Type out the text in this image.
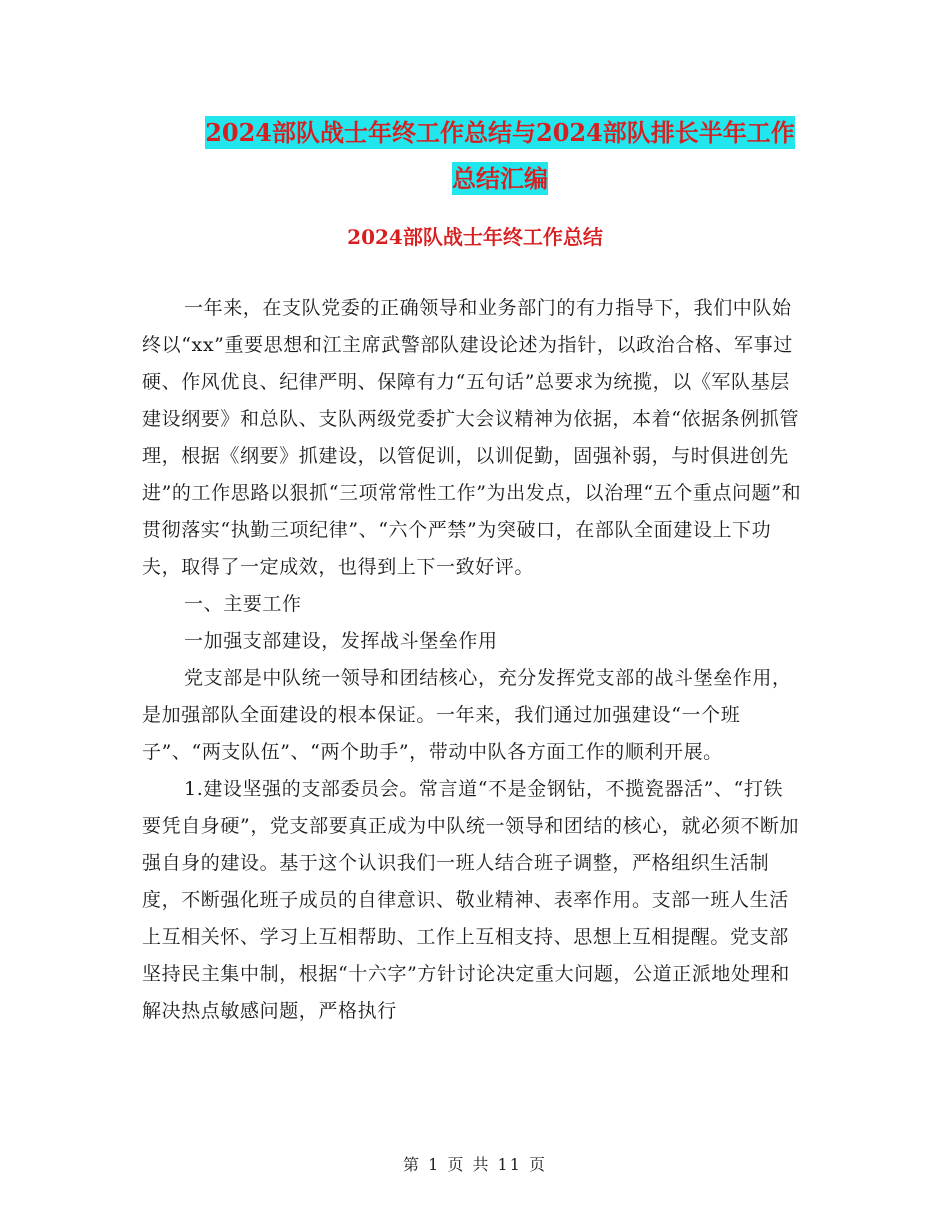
2024部队战士年终工作总结与2024部队排长半年工作
总结汇编
2024部队战士年终工作总结

一年来，在支队党委的正确领导和业务部门的有力指导下，我们中队始终以“xx”重要思想和江主席武警部队建设论述为指针，以政治合格、军事过硬、作风优良、纪律严明、保障有力“五句话”总要求为统揽，以《军队基层建设纲要》和总队、支队两级党委扩大会议精神为依据，本着“依据条例抓管理，根据《纲要》抓建设，以管促训，以训促勤，固强补弱，与时俱进创先进”的工作思路以狠抓“三项常常性工作”为出发点，以治理“五个重点问题”和贯彻落实“执勤三项纪律”、“六个严禁”为突破口，在部队全面建设上下功夫，取得了一定成效，也得到上下一致好评。

一、主要工作

一加强支部建设，发挥战斗堡垒作用

党支部是中队统一领导和团结核心，充分发挥党支部的战斗堡垒作用，是加强部队全面建设的根本保证。一年来，我们通过加强建设“一个班子”、“两支队伍”、“两个助手”，带动中队各方面工作的顺利开展。

1.建设坚强的支部委员会。常言道“不是金钢钻，不揽瓷器活”、“打铁要凭自身硬”，党支部要真正成为中队统一领导和团结的核心，就必须不断加强自身的建设。基于这个认识我们一班人结合班子调整，严格组织生活制度，不断强化班子成员的自律意识、敬业精神、表率作用。支部一班人生活上互相关怀、学习上互相帮助、工作上互相支持、思想上互相提醒。党支部坚持民主集中制，根据“十六字”方针讨论决定重大问题，公道正派地处理和解决热点敏感问题，严格执行

第 1 页 共 11 页
